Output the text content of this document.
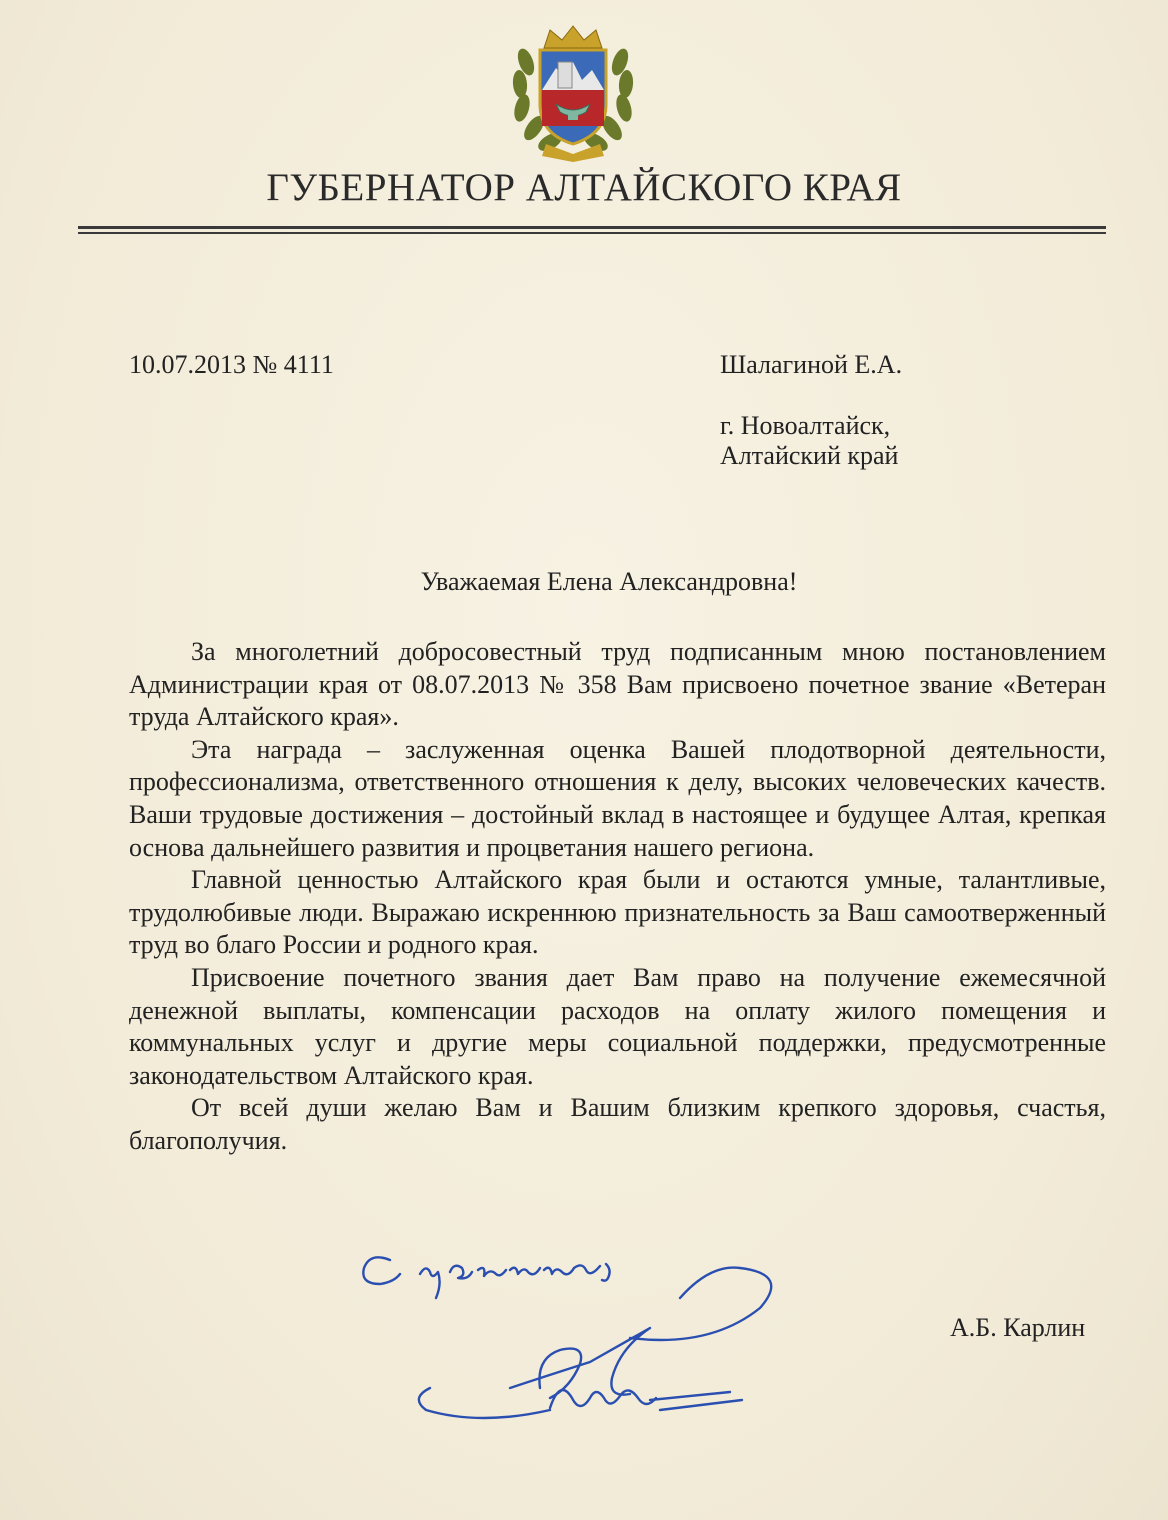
ГУБЕРНАТОР АЛТАЙСКОГО КРАЯ
10.07.2013 № 4111	Шалагиной Е.А.
г. Новоалтайск,
Алтайский край
Уважаемая Елена Александровна!

За многолетний добросовестный труд подписанным мною постановлением Администрации края от 08.07.2013 № 358 Вам присвоено почетное звание «Ветеран труда Алтайского края».

Эта награда – заслуженная оценка Вашей плодотворной деятельности, профессионализма, ответственного отношения к делу, высоких человеческих качеств. Ваши трудовые достижения – достойный вклад в настоящее и будущее Алтая, крепкая основа дальнейшего развития и процветания нашего региона.

Главной ценностью Алтайского края были и остаются умные, талантливые, трудолюбивые люди. Выражаю искреннюю признательность за Ваш самоотверженный труд во благо России и родного края.

Присвоение почетного звания дает Вам право на получение ежемесячной денежной выплаты, компенсации расходов на оплату жилого помещения и коммунальных услуг и другие меры социальной поддержки, предусмотренные законодательством Алтайского края.

От всей души желаю Вам и Вашим близким крепкого здоровья, счастья, благополучия.

А.Б. Карлин
